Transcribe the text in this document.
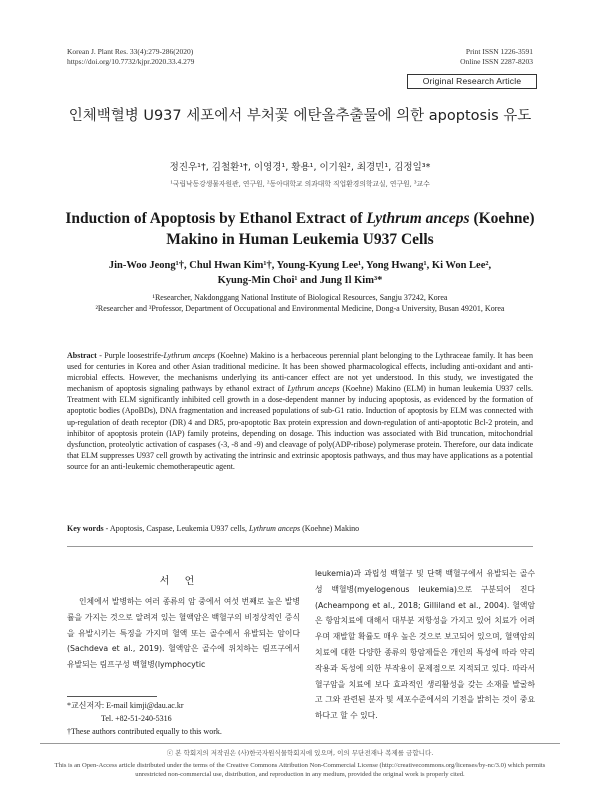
Korean J. Plant Res. 33(4):279-286(2020)
https://doi.org/10.7732/kjpr.2020.33.4.279
Print ISSN 1226-3591
Online ISSN 2287-8203
Original Research Article
인체백혈병 U937 세포에서 부처꽃 에탄올추출물에 의한 apoptosis 유도
정진우¹†, 김철환¹†, 이영경¹, 황용¹, 이기원², 최경민¹, 김정일³*
¹국립낙동강생물자원관, 연구원, ²동아대학교 의과대학 직업환경의학교실, 연구원, ³교수
Induction of Apoptosis by Ethanol Extract of Lythrum anceps (Koehne) Makino in Human Leukemia U937 Cells
Jin-Woo Jeong¹†, Chul Hwan Kim¹†, Young-Kyung Lee¹, Yong Hwang¹, Ki Won Lee²,
Kyung-Min Choi¹ and Jung Il Kim³*
¹Researcher, Nakdonggang National Institute of Biological Resources, Sangju 37242, Korea
²Researcher and ³Professor, Department of Occupational and Environmental Medicine, Dong-a University, Busan 49201, Korea
Abstract - Purple loosestrife-Lythrum anceps (Koehne) Makino is a herbaceous perennial plant belonging to the Lythraceae family. It has been used for centuries in Korea and other Asian traditional medicine. It has been showed pharmacological effects, including anti-oxidant and anti-microbial effects. However, the mechanisms underlying its anti-cancer effect are not yet understood. In this study, we investigated the mechanism of apoptosis signaling pathways by ethanol extract of Lythrum anceps (Koehne) Makino (ELM) in human leukemia U937 cells. Treatment with ELM significantly inhibited cell growth in a dose-dependent manner by inducing apoptosis, as evidenced by the formation of apoptotic bodies (ApoBDs), DNA fragmentation and increased populations of sub-G1 ratio. Induction of apoptosis by ELM was connected with up-regulation of death receptor (DR) 4 and DR5, pro-apoptotic Bax protein expression and down-regulation of anti-apoptotic Bcl-2 protein, and inhibitor of apoptosis protein (IAP) family proteins, depending on dosage. This induction was associated with Bid truncation, mitochondrial dysfunction, proteolytic activation of caspases (-3, -8 and -9) and cleavage of poly(ADP-ribose) polymerase protein. Therefore, our data indicate that ELM suppresses U937 cell growth by activating the intrinsic and extrinsic apoptosis pathways, and thus may have applications as a potential source for an anti-leukemic chemotherapeutic agent.
Key words - Apoptosis, Caspase, Leukemia U937 cells, Lythrum anceps (Koehne) Makino
서 언
인체에서 발병하는 여러 종류의 암 중에서 여섯 번째로 높은 발병률을 가지는 것으로 알려져 있는 혈액암은 백혈구의 비정상적인 증식을 유발시키는 특징을 가지며 혈액 또는 골수에서 유발되는 암이다(Sachdeva et al., 2019). 혈액암은 골수에 위치하는 림프구에서 유발되는 림프구성 백혈병(lymphocytic
leukemia)과 과립성 백혈구 및 단핵 백혈구에서 유발되는 골수성 백혈병(myelogenous leukemia)으로 구분되어 진다(Acheampong et al., 2018; Gilliland et al., 2004). 혈액암은 항암치료에 대해서 대부분 저항성을 가지고 있어 치료가 어려우며 재발할 확률도 매우 높은 것으로 보고되어 있으며, 혈액암의 치료에 대한 다양한 종류의 항암제들은 개인의 특성에 따라 약리작용과 독성에 의한 부작용이 문제점으로 지적되고 있다. 따라서 혈구암을 치료에 보다 효과적인 생리활성을 갖는 소재를 발굴하고 그와 관련된 분자 및 세포수준에서의 기전을 밝히는 것이 중요하다고 할 수 있다.
*교신저자: E-mail kimji@dau.ac.kr
Tel. +82-51-240-5316
†These authors contributed equally to this work.
ⓒ 본 학회지의 저작권은 (사)한국자원식물학회지에 있으며, 이의 무단전재나 복제를 금합니다.
This is an Open-Access article distributed under the terms of the Creative Commons Attribution Non-Commercial License (http://creativecommons.org/licenses/by-nc/3.0) which permits unrestricted non-commercial use, distribution, and reproduction in any medium, provided the original work is properly cited.
